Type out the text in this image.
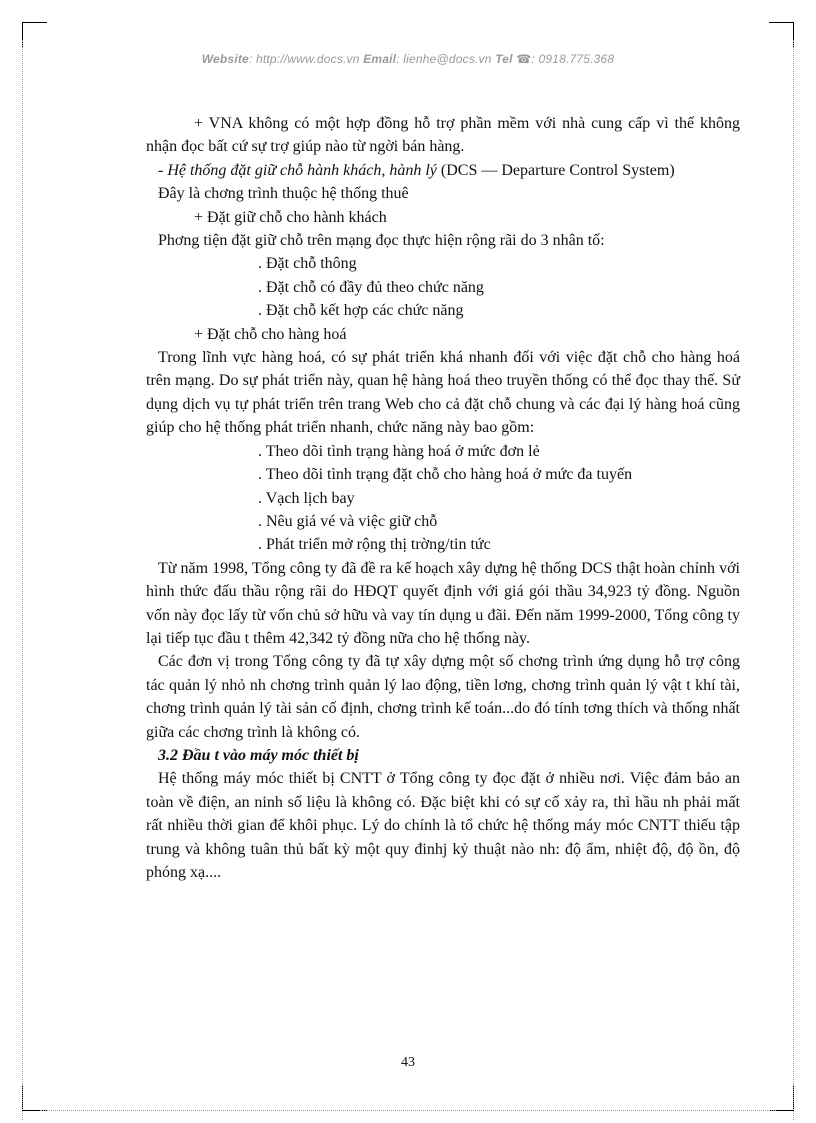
Website: http://www.docs.vn Email: lienhe@docs.vn Tel ☎: 0918.775.368

+ VNA không có một hợp đồng hỗ trợ phần mềm với nhà cung cấp vì thế không nhận đọc bất cứ sự trợ giúp nào từ ngời bán hàng.

- Hệ thống đặt giữ chỗ hành khách, hành lý (DCS — Departure Control System)

Đây là chơng trình thuộc hệ thống thuê

+ Đặt giữ chỗ cho hành khách

Phơng tiện đặt giữ chỗ trên mạng đọc thực hiện rộng rãi do 3 nhân tố:

. Đặt chỗ thông

. Đặt chỗ có đầy đủ theo chức năng

. Đặt chỗ kết hợp các chức năng

+ Đặt chỗ cho hàng hoá

Trong lĩnh vực hàng hoá, có sự phát triển khá nhanh đối với việc đặt chỗ cho hàng hoá trên mạng. Do sự phát triển này, quan hệ hàng hoá theo truyền thống có thể đọc thay thế. Sử dụng dịch vụ tự phát triển trên trang Web cho cả đặt chỗ chung và các đại lý hàng hoá cũng giúp cho hệ thống phát triển nhanh, chức năng này bao gồm:

. Theo dõi tình trạng hàng hoá ở mức đơn lẻ

. Theo dõi tình trạng đặt chỗ cho hàng hoá ở mức đa tuyến

. Vạch lịch bay

. Nêu giá vé và việc giữ chỗ

. Phát triển mở rộng thị trờng/tin tức

Từ năm 1998, Tổng công ty đã đề ra kế hoạch xây dựng hệ thống DCS thật hoàn chỉnh với hình thức đấu thầu rộng rãi do HĐQT quyết định với giá gói thầu 34,923 tỷ đồng. Nguồn vốn này đọc lấy từ vốn chủ sở hữu và vay tín dụng u đãi. Đến năm 1999-2000, Tổng công ty lại tiếp tục đầu t thêm 42,342 tỷ đồng nữa cho hệ thống này.

Các đơn vị trong Tổng công ty đã tự xây dựng một số chơng trình ứng dụng hỗ trợ công tác quản lý nhỏ nh chơng trình quản lý lao động, tiền lơng, chơng trình quản lý vật t khí tài, chơng trình quản lý tài sản cố định, chơng trình kế toán...do đó tính tơng thích và thống nhất giữa các chơng trình là không có.

3.2 Đầu t vào máy móc thiết bị

Hệ thống máy móc thiết bị CNTT ở Tổng công ty đọc đặt ở nhiều nơi. Việc đảm bảo an toàn về điện, an ninh số liệu là không có. Đặc biệt khi có sự cố xảy ra, thì hầu nh phải mất rất nhiều thời gian để khôi phục. Lý do chính là tổ chức hệ thống máy móc CNTT thiếu tập trung và không tuân thủ bất kỳ một quy đinhj kỷ thuật nào nh: độ ẩm, nhiệt độ, độ ồn, độ phóng xạ....

43
